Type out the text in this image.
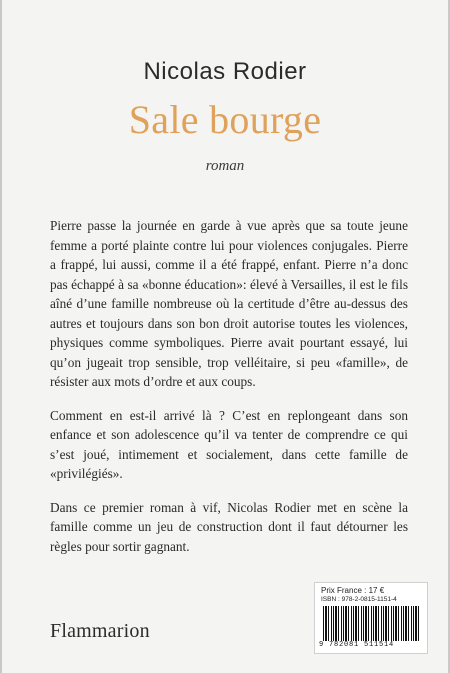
Nicolas Rodier
Sale bourge
roman

Pierre passe la journée en garde à vue après que sa toute jeune femme a porté plainte contre lui pour violences conjugales. Pierre a frappé, lui aussi, comme il a été frappé, enfant. Pierre n’a donc pas échappé à sa «bonne éducation»: élevé à Versailles, il est le fils aîné d’une famille nombreuse où la certitude d’être au-dessus des autres et toujours dans son bon droit autorise toutes les violences, physiques comme symboliques. Pierre avait pourtant essayé, lui qu’on jugeait trop sensible, trop velléitaire, si peu «famille», de résister aux mots d’ordre et aux coups.

Comment en est-il arrivé là ? C’est en replongeant dans son enfance et son adolescence qu’il va tenter de comprendre ce qui s’est joué, intimement et socialement, dans cette famille de «privilégiés».

Dans ce premier roman à vif, Nicolas Rodier met en scène la famille comme un jeu de construction dont il faut détourner les règles pour sortir gagnant.

Flammarion
Prix France : 17 €
ISBN : 978-2-0815-1151-4
9 782081 511514
